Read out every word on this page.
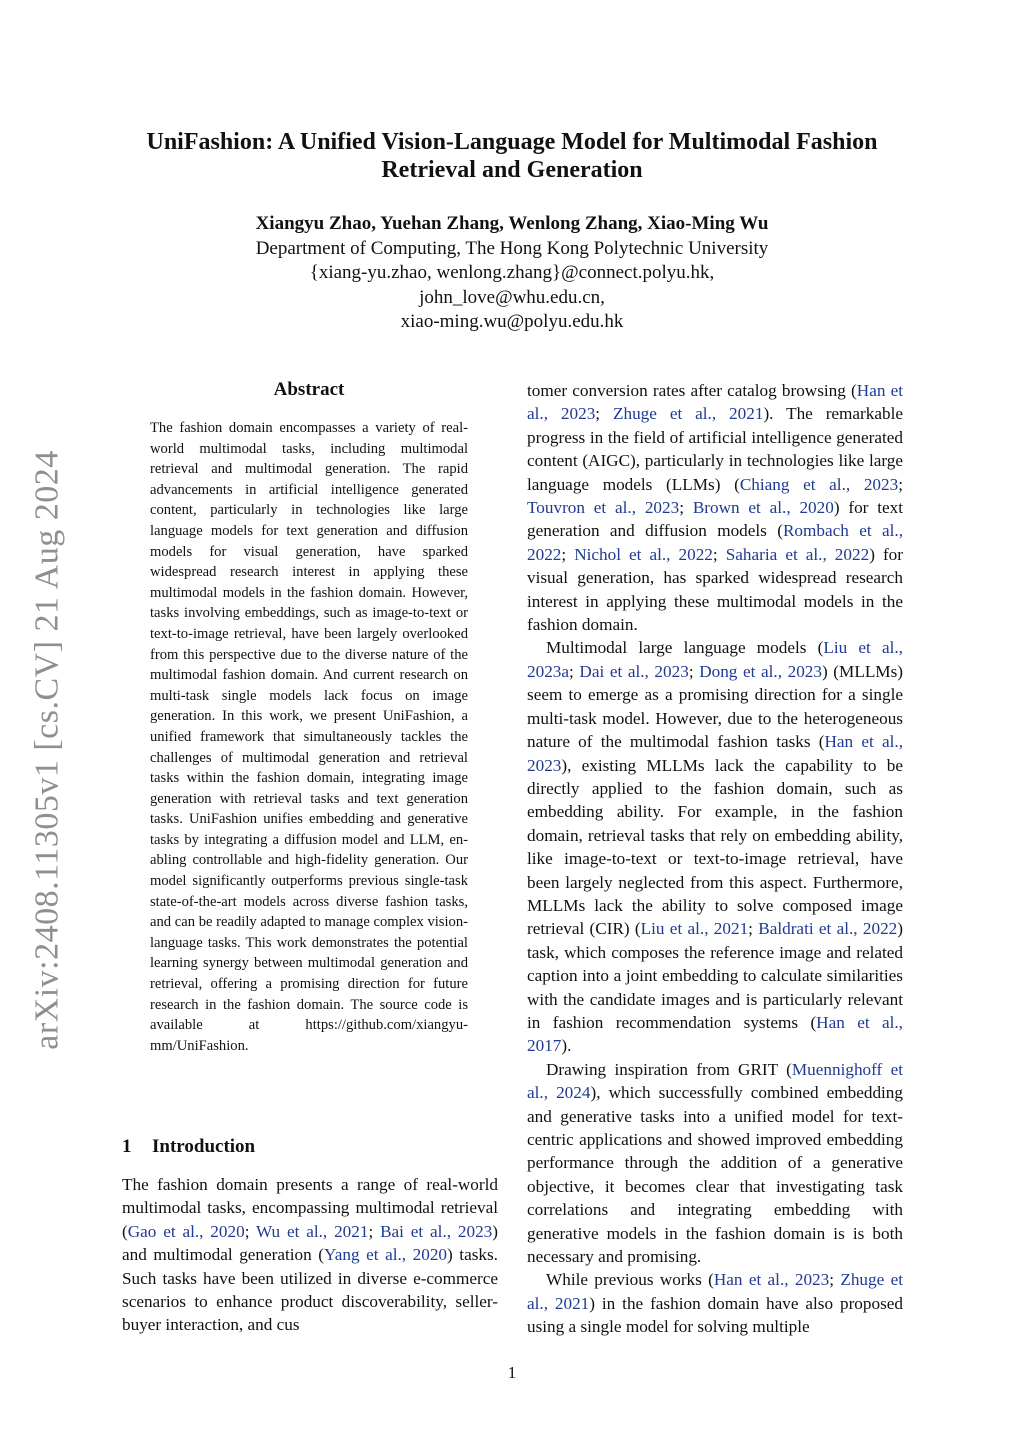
arXiv:2408.11305v1 [cs.CV] 21 Aug 2024
UniFashion: A Unified Vision-Language Model for Multimodal Fashion
Retrieval and Generation
Xiangyu Zhao, Yuehan Zhang, Wenlong Zhang, Xiao-Ming Wu
Department of Computing, The Hong Kong Polytechnic University
{xiang-yu.zhao, wenlong.zhang}@connect.polyu.hk,
john_love@whu.edu.cn,
xiao-ming.wu@polyu.edu.hk
Abstract
The fashion domain encompasses a variety of real-world multimodal tasks, including multimodal retrieval and multimodal generation. The rapid advancements in artificial intelligence generated content, particularly in technologies like large language models for text generation and diffusion models for visual generation, have sparked widespread research interest in applying these multimodal models in the fashion domain. However, tasks involving embeddings, such as image-to-text or text-to-image retrieval, have been largely overlooked from this perspective due to the diverse nature of the multimodal fashion domain. And current research on multi-task single models lack focus on image generation. In this work, we present UniFashion, a unified framework that simultaneously tackles the challenges of multimodal generation and retrieval tasks within the fashion domain, integrating image generation with retrieval tasks and text generation tasks. UniFashion unifies embedding and generative tasks by integrating a diffusion model and LLM, enabling controllable and high-fidelity generation. Our model significantly outperforms previous single-task state-of-the-art models across diverse fashion tasks, and can be readily adapted to manage complex vision-language tasks. This work demonstrates the potential learning synergy between multimodal generation and retrieval, offering a promising direction for future research in the fashion domain. The source code is available at https://github.com/xiangyumm/UniFashion.
1 Introduction

The fashion domain presents a range of real-world multimodal tasks, encompassing multimodal retrieval (Gao et al., 2020; Wu et al., 2021; Bai et al., 2023) and multimodal generation (Yang et al., 2020) tasks. Such tasks have been utilized in diverse e-commerce scenarios to enhance product discoverability, seller-buyer interaction, and cus

tomer conversion rates after catalog browsing (Han et al., 2023; Zhuge et al., 2021). The remarkable progress in the field of artificial intelligence generated content (AIGC), particularly in technologies like large language models (LLMs) (Chiang et al., 2023; Touvron et al., 2023; Brown et al., 2020) for text generation and diffusion models (Rombach et al., 2022; Nichol et al., 2022; Saharia et al., 2022) for visual generation, has sparked widespread research interest in applying these multimodal models in the fashion domain.

Multimodal large language models (Liu et al., 2023a; Dai et al., 2023; Dong et al., 2023) (MLLMs) seem to emerge as a promising direction for a single multi-task model. However, due to the heterogeneous nature of the multimodal fashion tasks (Han et al., 2023), existing MLLMs lack the capability to be directly applied to the fashion domain, such as embedding ability. For example, in the fashion domain, retrieval tasks that rely on embedding ability, like image-to-text or text-to-image retrieval, have been largely neglected from this aspect. Furthermore, MLLMs lack the ability to solve composed image retrieval (CIR) (Liu et al., 2021; Baldrati et al., 2022) task, which composes the reference image and related caption into a joint embedding to calculate similarities with the candidate images and is particularly relevant in fashion recommendation systems (Han et al., 2017).

Drawing inspiration from GRIT (Muennighoff et al., 2024), which successfully combined embedding and generative tasks into a unified model for text-centric applications and showed improved embedding performance through the addition of a generative objective, it becomes clear that investigating task correlations and integrating embedding with generative models in the fashion domain is is both necessary and promising.

While previous works (Han et al., 2023; Zhuge et al., 2021) in the fashion domain have also proposed using a single model for solving multiple

1
